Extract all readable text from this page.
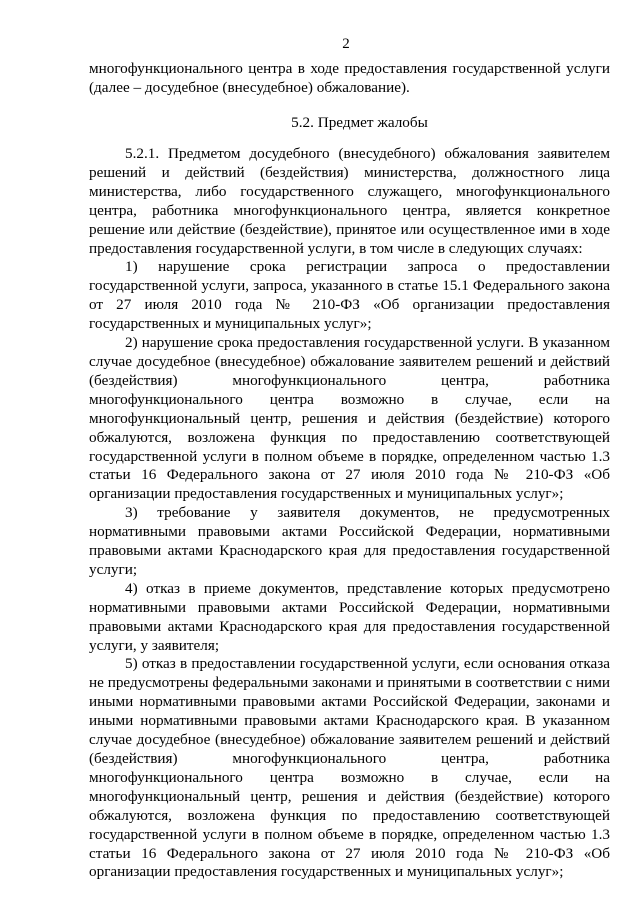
2

многофункционального центра в ходе предоставления государственной услуги (далее – досудебное (внесудебное) обжалование).

5.2. Предмет жалобы

5.2.1. Предметом досудебного (внесудебного) обжалования заявителем решений и действий (бездействия) министерства, должностного лица министерства, либо государственного служащего, многофункционального центра, работника многофункционального центра, является конкретное решение или действие (бездействие), принятое или осуществленное ими в ходе предоставления государственной услуги, в том числе в следующих случаях:

1) нарушение срока регистрации запроса о предоставлении государственной услуги, запроса, указанного в статье 15.1 Федерального закона от 27 июля 2010 года № 210-ФЗ «Об организации предоставления государственных и муниципальных услуг»;

2) нарушение срока предоставления государственной услуги. В указанном случае досудебное (внесудебное) обжалование заявителем решений и действий (бездействия) многофункционального центра, работника многофункционального центра возможно в случае, если на многофункциональный центр, решения и действия (бездействие) которого обжалуются, возложена функция по предоставлению соответствующей государственной услуги в полном объеме в порядке, определенном частью 1.3 статьи 16 Федерального закона от 27 июля 2010 года № 210-ФЗ «Об организации предоставления государственных и муниципальных услуг»;

3) требование у заявителя документов, не предусмотренных нормативными правовыми актами Российской Федерации, нормативными правовыми актами Краснодарского края для предоставления государственной услуги;

4) отказ в приеме документов, представление которых предусмотрено нормативными правовыми актами Российской Федерации, нормативными правовыми актами Краснодарского края для предоставления государственной услуги, у заявителя;

5) отказ в предоставлении государственной услуги, если основания отказа не предусмотрены федеральными законами и принятыми в соответствии с ними иными нормативными правовыми актами Российской Федерации, законами и иными нормативными правовыми актами Краснодарского края. В указанном случае досудебное (внесудебное) обжалование заявителем решений и действий (бездействия) многофункционального центра, работника многофункционального центра возможно в случае, если на многофункциональный центр, решения и действия (бездействие) которого обжалуются, возложена функция по предоставлению соответствующей государственной услуги в полном объеме в порядке, определенном частью 1.3 статьи 16 Федерального закона от 27 июля 2010 года № 210-ФЗ «Об организации предоставления государственных и муниципальных услуг»;
